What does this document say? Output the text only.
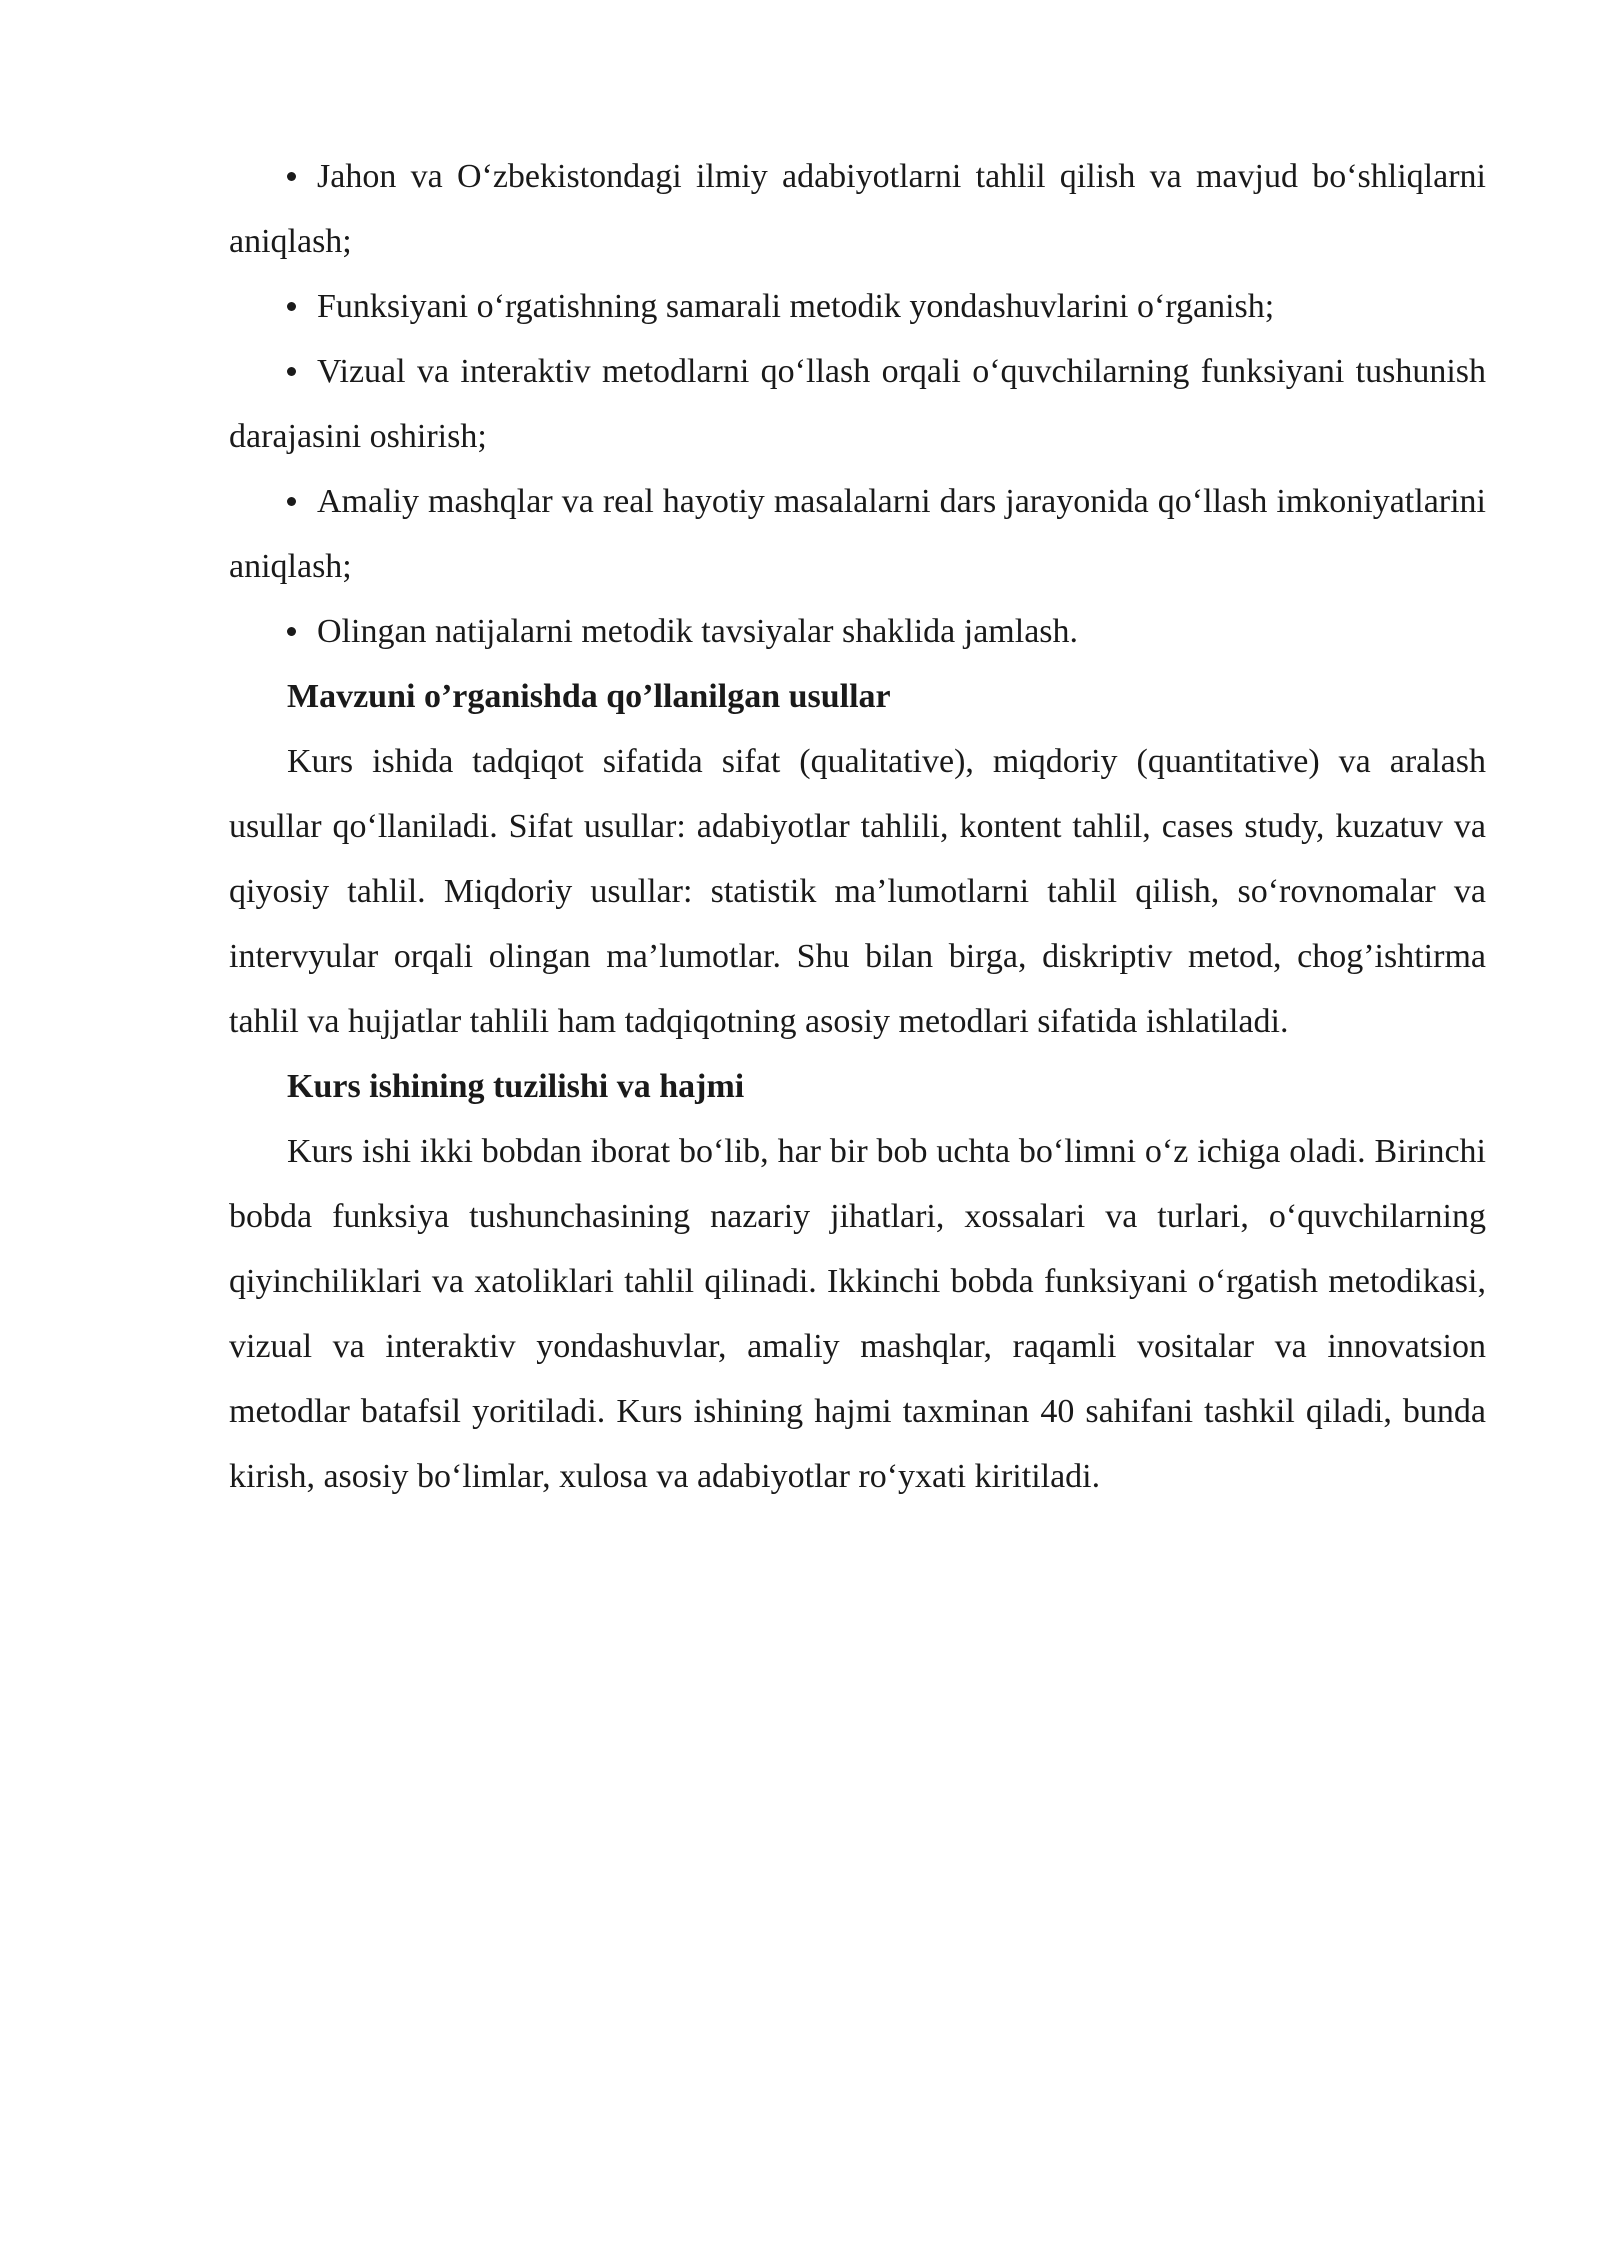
Jahon va O‘zbekistondagi ilmiy adabiyotlarni tahlil qilish va mavjud bo‘shliqlarni aniqlash;

Funksiyani o‘rgatishning samarali metodik yondashuvlarini o‘rganish;

Vizual va interaktiv metodlarni qo‘llash orqali o‘quvchilarning funksiyani tushunish darajasini oshirish;

Amaliy mashqlar va real hayotiy masalalarni dars jarayonida qo‘llash imkoniyatlarini aniqlash;

Olingan natijalarni metodik tavsiyalar shaklida jamlash.

Mavzuni o’rganishda qo’llanilgan usullar

Kurs ishida tadqiqot sifatida sifat (qualitative), miqdoriy (quantitative) va aralash usullar qo‘llaniladi. Sifat usullar: adabiyotlar tahlili, kontent tahlil, cases study, kuzatuv va qiyosiy tahlil. Miqdoriy usullar: statistik ma’lumotlarni tahlil qilish, so‘rovnomalar va intervyular orqali olingan ma’lumotlar. Shu bilan birga, diskriptiv metod, chog’ishtirma tahlil va hujjatlar tahlili ham tadqiqotning asosiy metodlari sifatida ishlatiladi.

Kurs ishining tuzilishi va hajmi

Kurs ishi ikki bobdan iborat bo‘lib, har bir bob uchta bo‘limni o‘z ichiga oladi. Birinchi bobda funksiya tushunchasining nazariy jihatlari, xossalari va turlari, o‘quvchilarning qiyinchiliklari va xatoliklari tahlil qilinadi. Ikkinchi bobda funksiyani o‘rgatish metodikasi, vizual va interaktiv yondashuvlar, amaliy mashqlar, raqamli vositalar va innovatsion metodlar batafsil yoritiladi. Kurs ishining hajmi taxminan 40 sahifani tashkil qiladi, bunda kirish, asosiy bo‘limlar, xulosa va adabiyotlar ro‘yxati kiritiladi.
